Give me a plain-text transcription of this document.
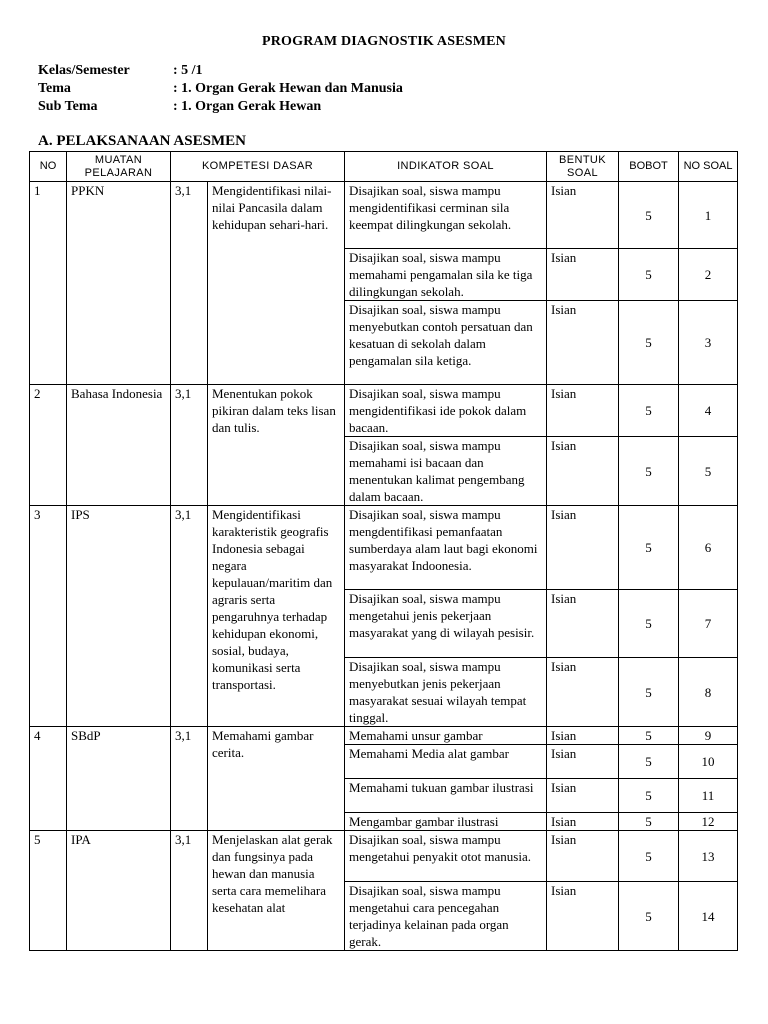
PROGRAM DIAGNOSTIK ASESMEN
Kelas/Semester	: 5 /1
Tema	: 1. Organ Gerak Hewan dan Manusia
Sub Tema	: 1. Organ Gerak Hewan
A. PELAKSANAAN ASESMEN
NO	MUATAN PELAJARAN	KOMPETESI DASAR		INDIKATOR SOAL	BENTUK SOAL	BOBOT	NO SOAL
1	PPKN	3,1	Mengidentifikasi nilai-nilai Pancasila dalam kehidupan sehari-hari.	Disajikan soal, siswa mampu mengidentifikasi cerminan sila keempat dilingkungan sekolah.	Isian	5	1
				Disajikan soal, siswa mampu memahami pengamalan sila ke tiga dilingkungan sekolah.	Isian	5	2
				Disajikan soal, siswa mampu menyebutkan contoh persatuan dan kesatuan di sekolah dalam pengamalan sila ketiga.	Isian	5	3
2	Bahasa Indonesia	3,1	Menentukan pokok pikiran dalam teks lisan dan tulis.	Disajikan soal, siswa mampu mengidentifikasi ide pokok dalam bacaan.	Isian	5	4
				Disajikan soal, siswa mampu memahami isi bacaan dan menentukan kalimat pengembang dalam bacaan.	Isian	5	5
3	IPS	3,1	Mengidentifikasi karakteristik geografis Indonesia sebagai negara kepulauan/maritim dan agraris serta pengaruhnya terhadap kehidupan ekonomi, sosial, budaya, komunikasi serta transportasi.	Disajikan soal, siswa mampu mengdentifikasi pemanfaatan sumberdaya alam laut bagi ekonomi masyarakat Indoonesia.	Isian	5	6
				Disajikan soal, siswa mampu mengetahui jenis pekerjaan masyarakat yang di wilayah pesisir.	Isian	5	7
				Disajikan soal, siswa mampu menyebutkan jenis pekerjaan masyarakat sesuai wilayah tempat tinggal.	Isian	5	8
4	SBdP	3,1	Memahami gambar cerita.	Memahami unsur gambar	Isian	5	9
				Memahami Media alat gambar	Isian	5	10
				Memahami tukuan gambar ilustrasi	Isian	5	11
				Mengambar gambar ilustrasi	Isian	5	12
5	IPA	3,1	Menjelaskan alat gerak dan fungsinya pada hewan dan manusia serta cara memelihara kesehatan alat	Disajikan soal, siswa mampu mengetahui penyakit otot manusia.	Isian	5	13
				Disajikan soal, siswa mampu mengetahui cara pencegahan terjadinya kelainan pada organ gerak.	Isian	5	14
